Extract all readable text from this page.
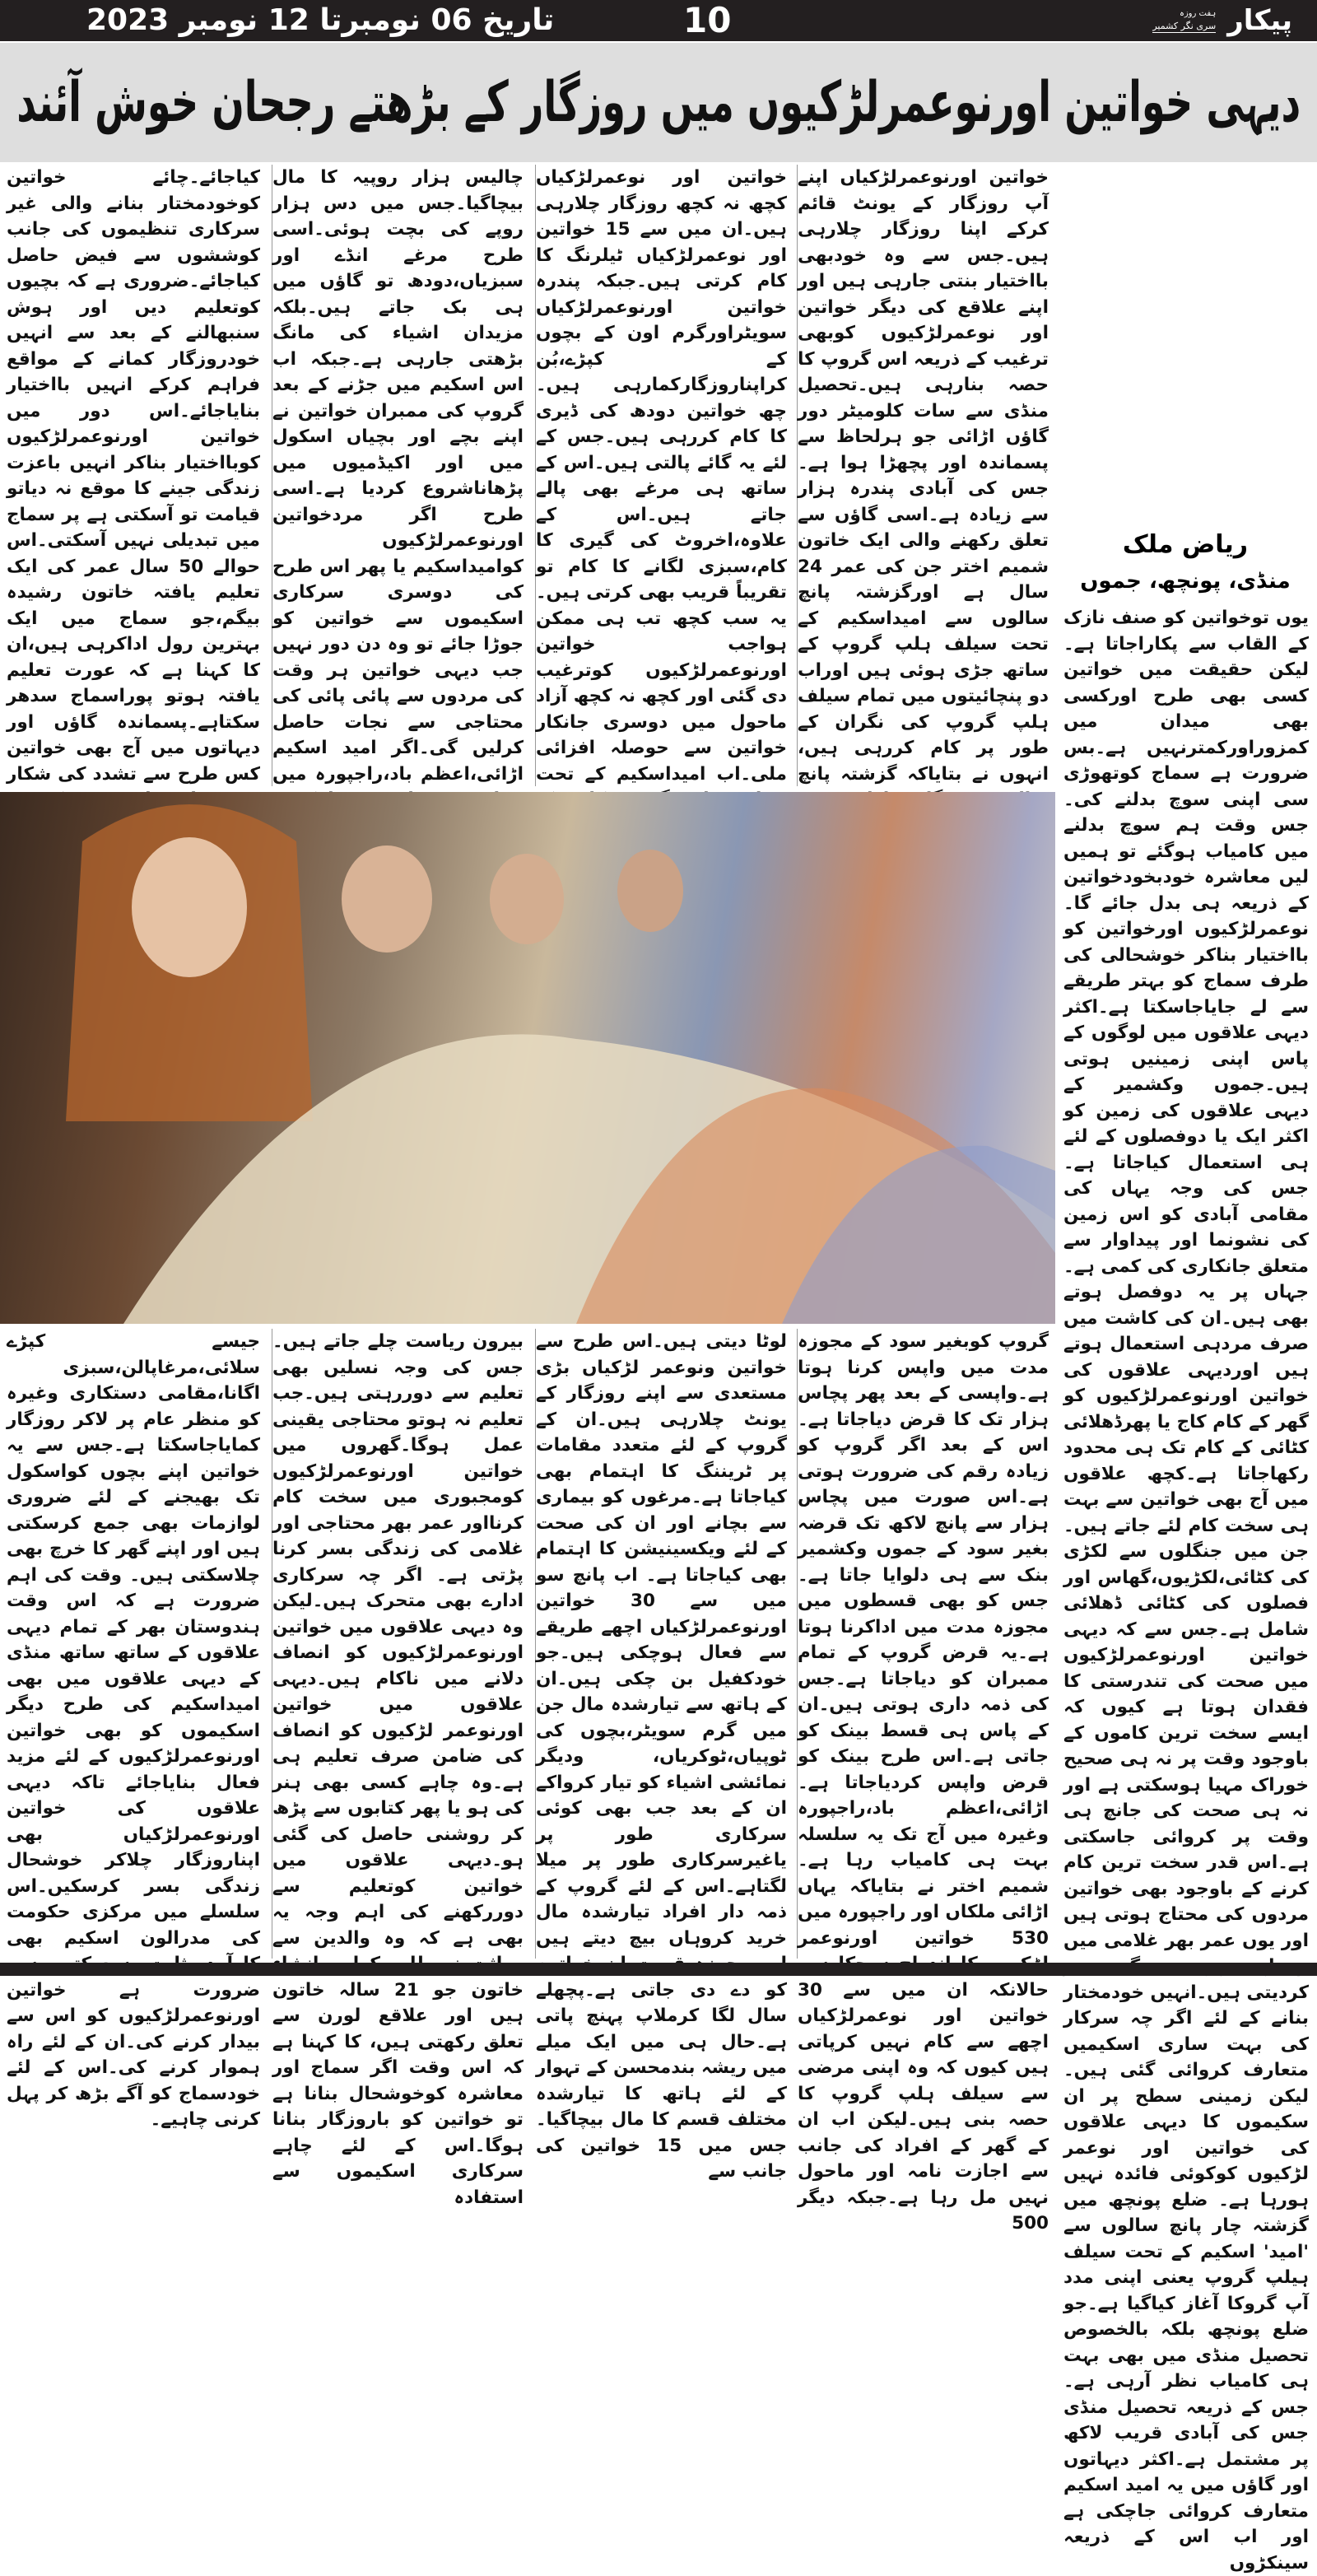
تاریخ 06 نومبرتا 12 نومبر 2023	10	پیکار
ہفت روزہ
سری نگر کشمیر
دیہی خواتین اورنوعمرلڑکیوں میں روزگار کے بڑھتے رجحان خوش آئند
خواتین اورنوعمرلڑکیاں اپنے آپ روزگار کے یونٹ قائم کرکے اپنا روزگار چلارہی ہیں۔جس سے وہ خودبھی بااختیار بنتی جارہی ہیں اور اپنے علاقع کی دیگر خواتین اور نوعمرلڑکیوں کوبھی ترغیب کے ذریعہ اس گروپ کا حصہ بنارہی ہیں۔تحصیل منڈی سے سات کلومیٹر دور گاؤں اڑائی جو ہرلحاظ سے پسماندہ اور پچھڑا ہوا ہے۔جس کی آبادی پندرہ ہزار سے زیادہ ہے۔اسی گاؤں سے تعلق رکھنے والی ایک خاتون شمیم اختر جن کی عمر 24 سال ہے اورگزشتہ پانچ سالوں سے امیداسکیم کے تحت سیلف ہلپ گروپ کے ساتھ جڑی ہوئی ہیں اوراب دو پنچائیتوں میں تمام سیلف ہلپ گروپ کی نگران کے طور پر کام کررہی ہیں، انہوں نے بتایاکہ گزشتہ پانچ
خواتین اور نوعمرلڑکیاں کچھ نہ کچھ روزگار چلارہی ہیں۔ان میں سے 15 خواتین اور نوعمرلڑکیاں ٹیلرنگ کا کام کرتی ہیں۔جبکہ پندرہ خواتین اورنوعمرلڑکیاں سویٹراورگرم اون کے بچوں کے کپڑے،بُن کراپناروزگارکمارہی ہیں۔چھ خواتین دودھ کی ڈیری کا کام کررہی ہیں۔جس کے لئے یہ گائے پالتی ہیں۔اس کے ساتھ ہی مرغے بھی پالے جاتے ہیں۔اس کے علاوہ،اخروٹ کی گیری کا کام،سبزی لگانے کا کام تو تقریباً قریب بھی کرتی ہیں۔یہ سب کچھ تب ہی ممکن ہواجب خواتین اورنوعمرلڑکیوں کوترغیب دی گئی اور کچھ نہ کچھ آزاد ماحول میں دوسری جانکار خواتین سے حوصلہ افزائی ملی۔اب امیداسکیم کے تحت
چالیس ہزار روپیہ کا مال بیچاگیا۔جس میں دس ہزار روپے کی بچت ہوئی۔اسی طرح مرغے انڈے اور سبزیاں،دودھ تو گاؤں میں ہی بک جاتے ہیں۔بلکہ مزیدان اشیاء کی مانگ بڑھتی جارہی ہے۔جبکہ اب اس اسکیم میں جڑنے کے بعد گروپ کی ممبران خواتین نے اپنے بچے اور بچیاں اسکول میں اور اکیڈمیوں میں پڑھاناشروع کردیا ہے۔اسی طرح اگر مردخواتین اورنوعمرلڑکیوں کوامیداسکیم یا پھر اس طرح کی دوسری سرکاری اسکیموں سے خواتین کو جوڑا جائے تو وہ دن دور نہیں جب دیہی خواتین ہر وقت کی مردوں سے پائی پائی کی محتاجی سے نجات حاصل کرلیں گی۔اگر امید اسکیم اڑائی،اعظم باد،راجپورہ میں
کیاجائے۔چائے خواتین کوخودمختار بنانے والی غیر سرکاری تنظیموں کی جانب کوششوں سے فیض حاصل کیاجائے۔ضروری ہے کہ بچیوں کوتعلیم دیں اور ہوش سنبھالنے کے بعد سے انہیں خودروزگار کمانے کے مواقع فراہم کرکے انہیں بااختیار بنایاجائے۔اس دور میں خواتین اورنوعمرلڑکیوں کوبااختیار بناکر انہیں باعزت زندگی جینے کا موقع نہ دیاتو قیامت تو آسکتی ہے پر سماج میں تبدیلی نہیں آسکتی۔اس حوالے 50 سال عمر کی ایک تعلیم یافتہ خاتون رشیدہ بیگم،جو سماج میں ایک بہترین رول اداکرہی ہیں،ان کا کہنا ہے کہ عورت تعلیم یافتہ ہوتو پوراسماج سدھر سکتاہے۔پسماندہ گاؤں اور دیہاتوں میں آج بھی خواتین کس طرح سے تشدد کی شکار
ریاض ملک
منڈی، پونچھ، جموں
یوں توخواتین کو صنف نازک کے القاب سے پکاراجاتا ہے۔لیکن حقیقت میں خواتین کسی بھی طرح اورکسی بھی میدان میں کمزوراورکمترنہیں ہے۔بس ضرورت ہے سماج کوتھوڑی سی اپنی سوچ بدلنے کی۔جس وقت ہم سوچ بدلنے میں کامیاب ہوگئے تو ہمیں لیں معاشرہ خودبخودخواتین کے ذریعہ ہی بدل جائے گا۔نوعمرلڑکیوں اورخواتین کو بااختیار بناکر خوشحالی کی طرف سماج کو بہتر طریقے سے لے جایاجاسکتا ہے۔اکثر دیہی علاقوں میں لوگوں کے پاس اپنی زمینیں ہوتی ہیں۔جموں وکشمیر کے دیہی علاقوں کی زمین کو اکثر ایک یا دوفصلوں کے لئے ہی استعمال کیاجاتا ہے۔جس کی وجہ یہاں کی مقامی آبادی کو اس زمین کی نشونما اور پیداوار سے متعلق جانکاری کی کمی ہے۔جہاں پر یہ دوفصل ہوتے بھی ہیں۔ان کی کاشت میں صرف مردہی استعمال ہوتے ہیں اوردیہی علاقوں کی خواتین اورنوعمرلڑکیوں کو گھر کے کام کاج یا پھرڈھلائی کٹائی کے کام تک ہی محدود رکھاجاتا ہے۔کچھ علاقوں میں آج بھی خواتین سے بہت ہی سخت کام لئے جاتے ہیں۔جن میں جنگلوں سے لکڑی کی کٹائی،لکڑیوں،گھاس اور فصلوں کی کٹائی ڈھلائی شامل ہے۔جس سے کہ دیہی خواتین اورنوعمرلڑکیوں میں صحت کی تندرستی کا فقدان ہوتا ہے کیوں کہ ایسے سخت ترین کاموں کے باوجود وقت پر نہ ہی صحیح خوراک مہیا ہوسکتی ہے اور نہ ہی صحت کی جانچ ہی وقت پر کروائی جاسکتی ہے۔اس قدر سخت ترین کام کرنے کے باوجود بھی خواتین مردوں کی محتاج ہوتی ہیں اور یوں عمر بھر غلامی میں کردیتی ہیں۔انہیں خودمختار بنانے کے لئے اگر چہ سرکار کی بہت ساری اسکیمیں متعارف کروائی گئی ہیں۔لیکن زمینی سطح پر ان سکیموں کا دیہی علاقوں کی خواتین اور نوعمر لڑکیوں کوکوئی فائدہ نہیں ہورہا ہے۔ ضلع پونچھ میں گزشتہ چار پانچ سالوں سے 'امید' اسکیم کے تحت سیلف ہیلپ گروپ یعنی اپنی مدد آپ گروکا آغاز کیاگیا ہے۔جو ضلع پونچھ بلکہ بالخصوص تحصیل منڈی میں بھی بہت ہی کامیاب نظر آرہی ہے۔جس کے ذریعہ تحصیل منڈی جس کی آبادی قریب لاکھ پر مشتمل ہے۔اکثر دیہاتوں اور گاؤں میں یہ امید اسکیم متعارف کروائی جاچکی ہے اور اب اس کے ذریعہ سینکڑوں
گروپ کوبغیر سود کے مجوزہ مدت میں واپس کرنا ہوتا ہے۔واپسی کے بعد پھر پچاس ہزار تک کا قرض دیاجاتا ہے۔اس کے بعد اگر گروپ کو زیادہ رقم کی ضرورت ہوتی ہے۔اس صورت میں پچاس ہزار سے پانچ لاکھ تک قرضہ بغیر سود کے جموں وکشمیر بنک سے ہی دلوایا جاتا ہے۔جس کو بھی قسطوں میں مجوزہ مدت میں اداکرنا ہوتا ہے۔یہ قرض گروپ کے تمام ممبران کو دیاجاتا ہے۔جس کی ذمہ داری ہوتی ہیں۔ان کے پاس ہی قسط بینک کو جاتی ہے۔اس طرح بینک کو قرض واپس کردیاجاتا ہے۔اڑائی،اعظم باد،راجپورہ وغیرہ میں آج تک یہ سلسلہ بہت ہی کامیاب رہا ہے۔شمیم اختر نے بتایاکہ یہاں اڑائی ملکاں اور راجپورہ میں 530 خواتین اورنوعمر حالانکہ ان میں سے 30 خواتین اور نوعمرلڑکیاں اچھے سے کام نہیں کرپاتی ہیں کیوں کہ وہ اپنی مرضی سے سیلف ہلپ گروپ کا حصہ بنی ہیں۔لیکن اب ان کے گھر کے افراد کی جانب سے اجازت نامہ اور ماحول نہیں مل رہا ہے۔جبکہ دیگر 500
لوٹا دیتی ہیں۔اس طرح سے خواتین ونوعمر لڑکیاں بڑی مستعدی سے اپنے روزگار کے یونٹ چلارہی ہیں۔ان کے گروپ کے لئے متعدد مقامات پر ٹریننگ کا اہتمام بھی کیاجاتا ہے۔مرغوں کو بیماری سے بچانے اور ان کی صحت کے لئے ویکسینیشن کا اہتمام بھی کیاجاتا ہے۔ اب پانچ سو میں سے 30 خواتین اورنوعمرلڑکیاں اچھے طریقے سے فعال ہوچکی ہیں۔جو خودکفیل بن چکی ہیں۔ان کے ہاتھ سے تیارشدہ مال جن میں گرم سویٹر،بچوں کی ٹوپیاں،ٹوکریاں، ودیگر نمائشی اشیاء کو تیار کرواکے ان کے بعد جب بھی کوئی سرکاری طور پر یاغیرسرکاری طور پر میلا لگتاہے۔اس کے لئے گروپ کے ذمہ دار افراد تیارشدہ مال خرید کروہاں بیچ دیتے ہیں کو دے دی جاتی ہے۔پچھلے سال لگا کرملاپ پہنچ پاتی ہے۔حال ہی میں ایک میلے میں ریشہ بندمحسن کے تہوار کے لئے ہاتھ کا تیارشدہ مختلف قسم کا مال بیچاگیا۔جس میں 15 خواتین کی جانب سے
بیرون ریاست چلے جاتے ہیں۔جس کی وجہ نسلیں بھی تعلیم سے دوررہتی ہیں۔جب تعلیم نہ ہوتو محتاجی یقینی عمل ہوگا۔گھروں میں خواتین اورنوعمرلڑکیوں کومجبوری میں سخت کام کرنااور عمر بھر محتاجی اور غلامی کی زندگی بسر کرنا پڑتی ہے۔ اگر چہ سرکاری ادارے بھی متحرک ہیں۔لیکن وہ دیہی علاقوں میں خواتین اورنوعمرلڑکیوں کو انصاف دلانے میں ناکام ہیں۔دیہی علاقوں میں خواتین اورنوعمر لڑکیوں کو انصاف کی ضامن صرف تعلیم ہی ہے۔وہ چاہے کسی بھی ہنر کی ہو یا پھر کتابوں سے پڑھ کر روشنی حاصل کی گئی ہو۔دیہی علاقوں میں خواتین کوتعلیم سے دوررکھنے کی اہم وجہ یہ بھی ہے کہ وہ والدین سے خاتون جو 21 سالہ خاتون ہیں اور علاقع لورن سے تعلق رکھتی ہیں، کا کہنا ہے کہ اس وقت اگر سماج اور معاشرہ کوخوشحال بنانا ہے تو خواتین کو باروزگار بنانا ہوگا۔اس کے لئے چاہے سرکاری اسکیموں سے استفادہ
جیسے کپڑے سلائی،مرغاپالن،سبزی اگانا،مقامی دستکاری وغیرہ کو منظر عام پر لاکر روزگار کمایاجاسکتا ہے۔جس سے یہ خواتین اپنے بچوں کواسکول تک بھیجنے کے لئے ضروری لوازمات بھی جمع کرسکتی ہیں اور اپنے گھر کا خرچ بھی چلاسکتی ہیں۔ وقت کی اہم ضرورت ہے کہ اس وقت ہندوستان بھر کے تمام دیہی علاقوں کے ساتھ ساتھ منڈی کے دیہی علاقوں میں بھی امیداسکیم کی طرح دیگر اسکیموں کو بھی خواتین اورنوعمرلڑکیوں کے لئے مزید فعال بنایاجائے تاکہ دیہی علاقوں کی خواتین اورنوعمرلڑکیاں بھی اپناروزگار چلاکر خوشحال زندگی بسر کرسکیں۔اس سلسلے میں مرکزی حکومت کی مدرالون اسکیم بھی ضرورت ہے خواتین اورنوعمرلڑکیوں کو اس سے بیدار کرنے کی۔ان کے لئے راہ ہموار کرنے کی۔اس کے لئے خودسماج کو آگے بڑھ کر پہل کرنی چاہیے۔
